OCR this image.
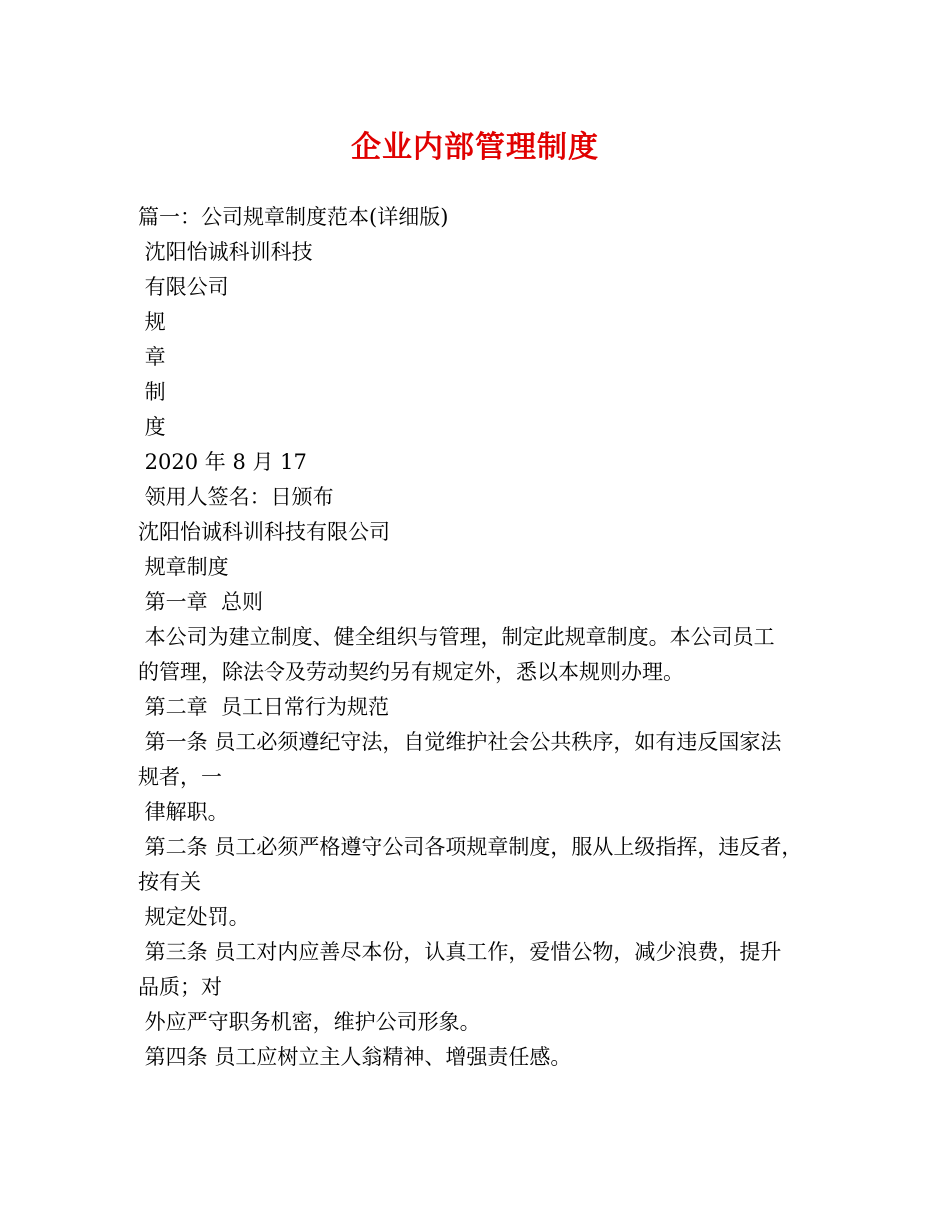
企业内部管理制度
篇一：公司规章制度范本(详细版)
沈阳怡诚科训科技
有限公司
规
章
制
度
2020 年 8 月 17
领用人签名：日颁布
沈阳怡诚科训科技有限公司
规章制度
第一章  总则
本公司为建立制度、健全组织与管理，制定此规章制度。本公司员工
的管理，除法令及劳动契约另有规定外，悉以本规则办理。
第二章  员工日常行为规范
第一条 员工必须遵纪守法，自觉维护社会公共秩序，如有违反国家法
规者，一
律解职。
第二条 员工必须严格遵守公司各项规章制度，服从上级指挥，违反者，
按有关
规定处罚。
第三条 员工对内应善尽本份，认真工作，爱惜公物，减少浪费，提升
品质；对
外应严守职务机密，维护公司形象。
第四条 员工应树立主人翁精神、增强责任感。
